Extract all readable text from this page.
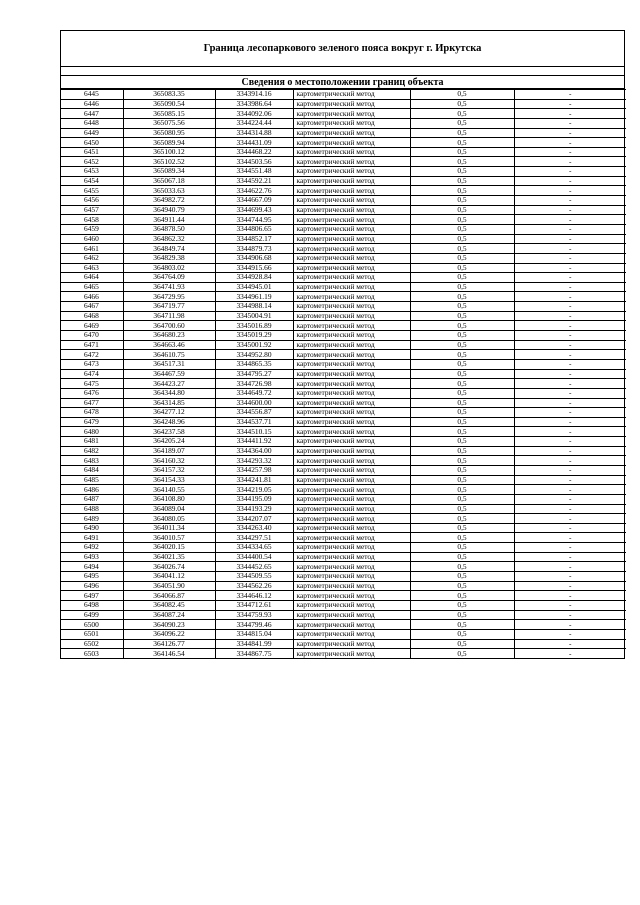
Граница лесопаркового зеленого пояса вокруг г. Иркутска
Сведения о местоположении границ объекта
6445	365083.35	3343914.16	картометрический метод	0,5	-
6446	365090.54	3343986.64	картометрический метод	0,5	-
6447	365085.15	3344092.06	картометрический метод	0,5	-
6448	365075.56	3344224.44	картометрический метод	0,5	-
6449	365080.95	3344314.88	картометрический метод	0,5	-
6450	365089.94	3344431.09	картометрический метод	0,5	-
6451	365100.12	3344468.22	картометрический метод	0,5	-
6452	365102.52	3344503.56	картометрический метод	0,5	-
6453	365089.34	3344551.48	картометрический метод	0,5	-
6454	365067.18	3344592.21	картометрический метод	0,5	-
6455	365033.63	3344622.76	картометрический метод	0,5	-
6456	364982.72	3344667.09	картометрический метод	0,5	-
6457	364940.79	3344699.43	картометрический метод	0,5	-
6458	364911.44	3344744.95	картометрический метод	0,5	-
6459	364878.50	3344806.65	картометрический метод	0,5	-
6460	364862.32	3344852.17	картометрический метод	0,5	-
6461	364849.74	3344879.73	картометрический метод	0,5	-
6462	364829.38	3344906.68	картометрический метод	0,5	-
6463	364803.02	3344915.66	картометрический метод	0,5	-
6464	364764.09	3344928.84	картометрический метод	0,5	-
6465	364741.93	3344945.01	картометрический метод	0,5	-
6466	364729.95	3344961.19	картометрический метод	0,5	-
6467	364719.77	3344988.14	картометрический метод	0,5	-
6468	364711.98	3345004.91	картометрический метод	0,5	-
6469	364700.60	3345016.89	картометрический метод	0,5	-
6470	364680.23	3345019.29	картометрический метод	0,5	-
6471	364663.46	3345001.92	картометрический метод	0,5	-
6472	364610.75	3344952.80	картометрический метод	0,5	-
6473	364517.31	3344865.35	картометрический метод	0,5	-
6474	364467.59	3344795.27	картометрический метод	0,5	-
6475	364423.27	3344726.98	картометрический метод	0,5	-
6476	364344.80	3344649.72	картометрический метод	0,5	-
6477	364314.85	3344600.00	картометрический метод	0,5	-
6478	364277.12	3344556.87	картометрический метод	0,5	-
6479	364248.96	3344537.71	картометрический метод	0,5	-
6480	364237.58	3344510.15	картометрический метод	0,5	-
6481	364205.24	3344411.92	картометрический метод	0,5	-
6482	364189.07	3344364.00	картометрический метод	0,5	-
6483	364160.32	3344293.32	картометрический метод	0,5	-
6484	364157.32	3344257.98	картометрический метод	0,5	-
6485	364154.33	3344241.81	картометрический метод	0,5	-
6486	364140.55	3344219.05	картометрический метод	0,5	-
6487	364108.80	3344195.09	картометрический метод	0,5	-
6488	364089.04	3344193.29	картометрический метод	0,5	-
6489	364080.05	3344207.07	картометрический метод	0,5	-
6490	364011.34	3344263.40	картометрический метод	0,5	-
6491	364010.57	3344297.51	картометрический метод	0,5	-
6492	364020.15	3344334.65	картометрический метод	0,5	-
6493	364021.35	3344400.54	картометрический метод	0,5	-
6494	364026.74	3344452.65	картометрический метод	0,5	-
6495	364041.12	3344509.55	картометрический метод	0,5	-
6496	364051.90	3344562.26	картометрический метод	0,5	-
6497	364066.87	3344646.12	картометрический метод	0,5	-
6498	364082.45	3344712.61	картометрический метод	0,5	-
6499	364087.24	3344759.93	картометрический метод	0,5	-
6500	364090.23	3344799.46	картометрический метод	0,5	-
6501	364096.22	3344815.04	картометрический метод	0,5	-
6502	364126.77	3344841.99	картометрический метод	0,5	-
6503	364146.54	3344867.75	картометрический метод	0,5	-
